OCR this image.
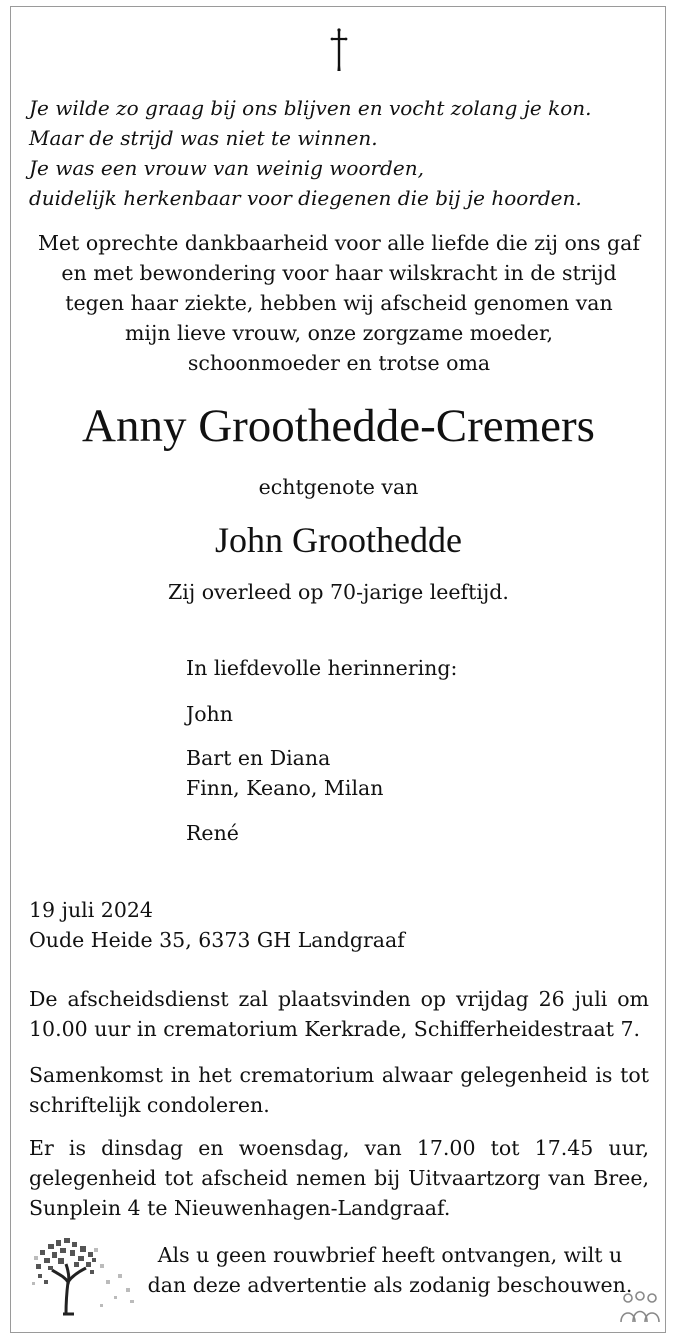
Je wilde zo graag bij ons blijven en vocht zolang je kon.
Maar de strijd was niet te winnen.
Je was een vrouw van weinig woorden,
duidelijk herkenbaar voor diegenen die bij je hoorden.
Met oprechte dankbaarheid voor alle liefde die zij ons gaf
en met bewondering voor haar wilskracht in de strijd
tegen haar ziekte, hebben wij afscheid genomen van
mijn lieve vrouw, onze zorgzame moeder,
schoonmoeder en trotse oma
Anny Groothedde-Cremers
echtgenote van
John Groothedde
Zij overleed op 70-jarige leeftijd.
In liefdevolle herinnering:
John
Bart en Diana
Finn, Keano, Milan
René
19 juli 2024
Oude Heide 35, 6373 GH Landgraaf
De afscheidsdienst zal plaatsvinden op vrijdag 26 juli om
10.00 uur in crematorium Kerkrade, Schifferheidestraat 7.
Samenkomst in het crematorium alwaar gelegenheid is tot
schriftelijk condoleren.
Er is dinsdag en woensdag, van 17.00 tot 17.45 uur,
gelegenheid tot afscheid nemen bij Uitvaartzorg van Bree,
Sunplein 4 te Nieuwenhagen-Landgraaf.
Als u geen rouwbrief heeft ontvangen, wilt u
dan deze advertentie als zodanig beschouwen.
